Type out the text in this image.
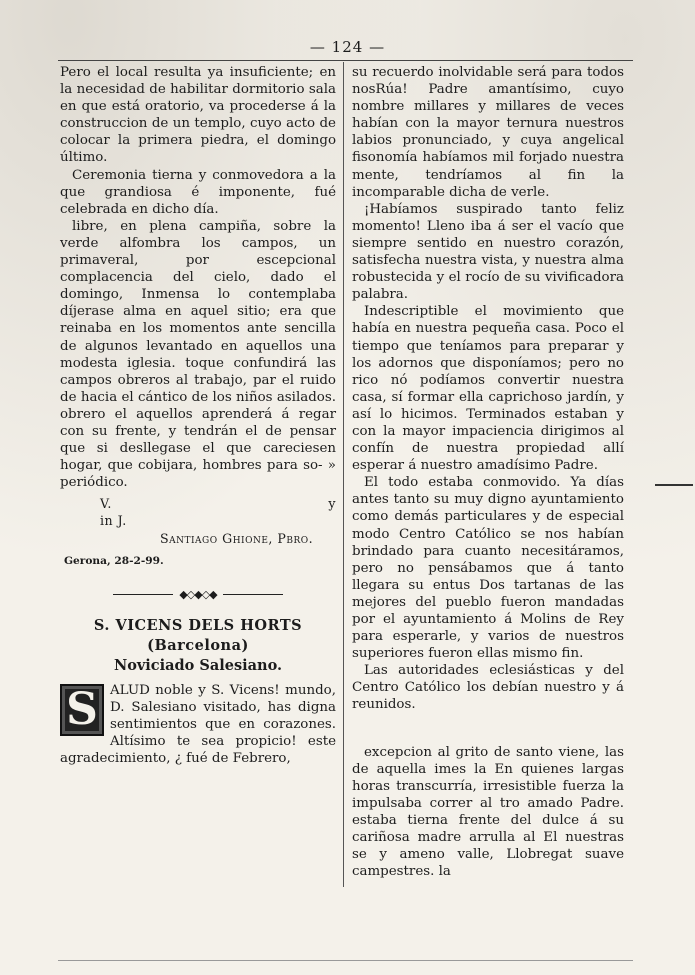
— 124 —

Pero el local resulta ya insuficiente; en la necesidad de habilitar dormitorio sala en que está oratorio, va procederse á la construccion de un templo, cuyo acto de colocar la primera piedra, el domingo último.

Ceremonia tierna y conmovedora a la que grandiosa é imponente, fué celebrada en dicho día.

libre, en plena campiña, sobre la verde alfombra los campos, un primaveral, por escepcional complacencia del cielo, dado el domingo, Inmensa lo contemplaba díjerase alma en aquel sitio; era que reinaba en los momentos ante sencilla de algunos levantado en aquellos una modesta iglesia. toque confundirá las campos obreros al trabajo, par el ruido de hacia el cántico de los niños asilados. obrero el aquellos aprenderá á regar con su frente, y tendrán el de pensar que si desllegase el que careciesen hogar, que cobijara, hombres para so- » periódico.

V.	y
in J.
Santiago Ghione, Pbro.
Gerona, 28-2-99.
◆◇◆◇◆
S. VICENS DELS HORTS (Barcelona)
Noviciado Salesiano.
S ALUD noble y S. Vicens! mundo, D. Salesiano visitado, has digna sentimientos que en corazones. Altísimo te sea propicio! este agradecimiento, ¿ fué de Febrero,

su recuerdo inolvidable será para todos nosRúa! Padre amantísimo, cuyo nombre millares y millares de veces habían con la mayor ternura nuestros labios pronunciado, y cuya angelical fisonomía habíamos mil forjado nuestra mente, tendríamos al fin la incomparable dicha de verle.

¡Habíamos suspirado tanto feliz momento! Lleno iba á ser el vacío que siempre sentido en nuestro corazón, satisfecha nuestra vista, y nuestra alma robustecida y el rocío de su vivificadora palabra.

Indescriptible el movimiento que había en nuestra pequeña casa. Poco el tiempo que teníamos para preparar y los adornos que disponíamos; pero no rico nó podíamos convertir nuestra casa, sí formar ella caprichoso jardín, y así lo hicimos. Terminados estaban y con la mayor impaciencia dirigimos al confín de nuestra propiedad allí esperar á nuestro amadísimo Padre.

El todo estaba conmovido. Ya días antes tanto su muy digno ayuntamiento como demás particulares y de especial modo Centro Católico se nos habían brindado para cuanto necesitáramos, pero no pensábamos que á tanto llegara su entus Dos tartanas de las mejores del pueblo fueron mandadas por el ayuntamiento á Molins de Rey para esperarle, y varios de nuestros superiores fueron ellas mismo fin.

Las autoridades eclesiásticas y del Centro Católico los debían nuestro y á reunidos.

excepcion al grito de santo viene, las de aquella imes la En quienes largas horas transcurría, irresistible fuerza la impulsaba correr al tro amado Padre. estaba tierna frente del dulce á su cariñosa madre arrulla al El nuestras se y ameno valle, Llobregat suave campestres. la
